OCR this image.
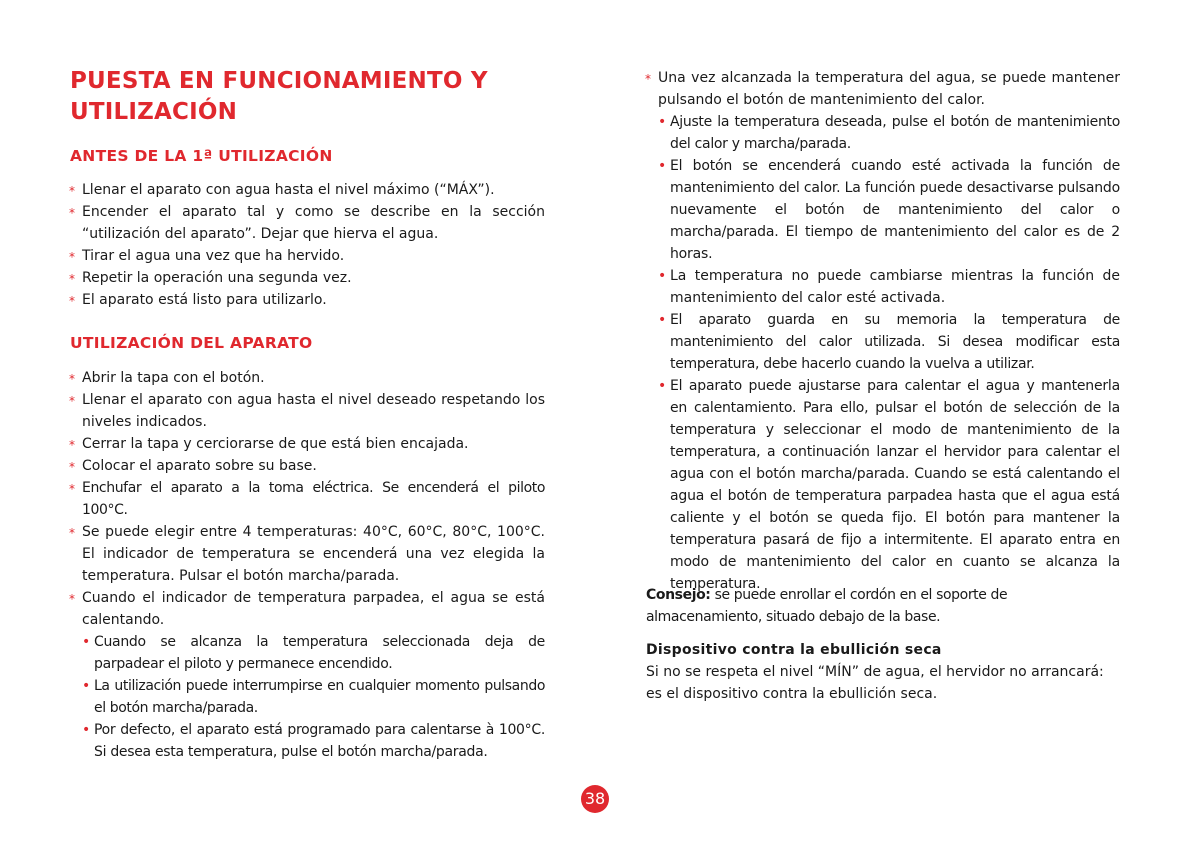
PUESTA EN FUNCIONAMIENTO Y UTILIZACIÓN
ANTES DE LA 1ª UTILIZACIÓN
* Llenar el aparato con agua hasta el nivel máximo (“MÁX”).
* Encender el aparato tal y como se describe en la sección “utilización del aparato”. Dejar que hierva el agua.
* Tirar el agua una vez que ha hervido.
* Repetir la operación una segunda vez.
* El aparato está listo para utilizarlo.
UTILIZACIÓN DEL APARATO
* Abrir la tapa con el botón.
* Llenar el aparato con agua hasta el nivel deseado respetando los niveles indicados.
* Cerrar la tapa y cerciorarse de que está bien encajada.
* Colocar el aparato sobre su base.
* Enchufar el aparato a la toma eléctrica. Se encenderá el piloto 100°C.
* Se puede elegir entre 4 temperaturas: 40°C, 60°C, 80°C, 100°C. El indicador de temperatura se encenderá una vez elegida la temperatura. Pulsar el botón marcha/parada.
* Cuando el indicador de temperatura parpadea, el agua se está calentando.
• Cuando se alcanza la temperatura seleccionada deja de parpadear el piloto y permanece encendido.
• La utilización puede interrumpirse en cualquier momento pulsando el botón marcha/parada.
• Por defecto, el aparato está programado para calentarse à 100°C. Si desea esta temperatura, pulse el botón marcha/parada.
* Una vez alcanzada la temperatura del agua, se puede mantener pulsando el botón de mantenimiento del calor.
• Ajuste la temperatura deseada, pulse el botón de mantenimiento del calor y marcha/parada.
• El botón se encenderá cuando esté activada la función de mantenimiento del calor. La función puede desactivarse pulsando nuevamente el botón de mantenimiento del calor o marcha/parada. El tiempo de mantenimiento del calor es de 2 horas.
• La temperatura no puede cambiarse mientras la función de mantenimiento del calor esté activada.
• El aparato guarda en su memoria la temperatura de mantenimiento del calor utilizada. Si desea modificar esta temperatura, debe hacerlo cuando la vuelva a utilizar.
• El aparato puede ajustarse para calentar el agua y mantenerla en calentamiento. Para ello, pulsar el botón de selección de la temperatura y seleccionar el modo de mantenimiento de la temperatura, a continuación lanzar el hervidor para calentar el agua con el botón marcha/parada. Cuando se está calentando el agua el botón de temperatura parpadea hasta que el agua está caliente y el botón se queda fijo. El botón para mantener la temperatura pasará de fijo a intermitente. El aparato entra en modo de mantenimiento del calor en cuanto se alcanza la temperatura.

Consejo: se puede enrollar el cordón en el soporte de almacenamiento, situado debajo de la base.

Dispositivo contra la ebullición seca
Si no se respeta el nivel “MÍN” de agua, el hervidor no arrancará: es el dispositivo contra la ebullición seca.
38
